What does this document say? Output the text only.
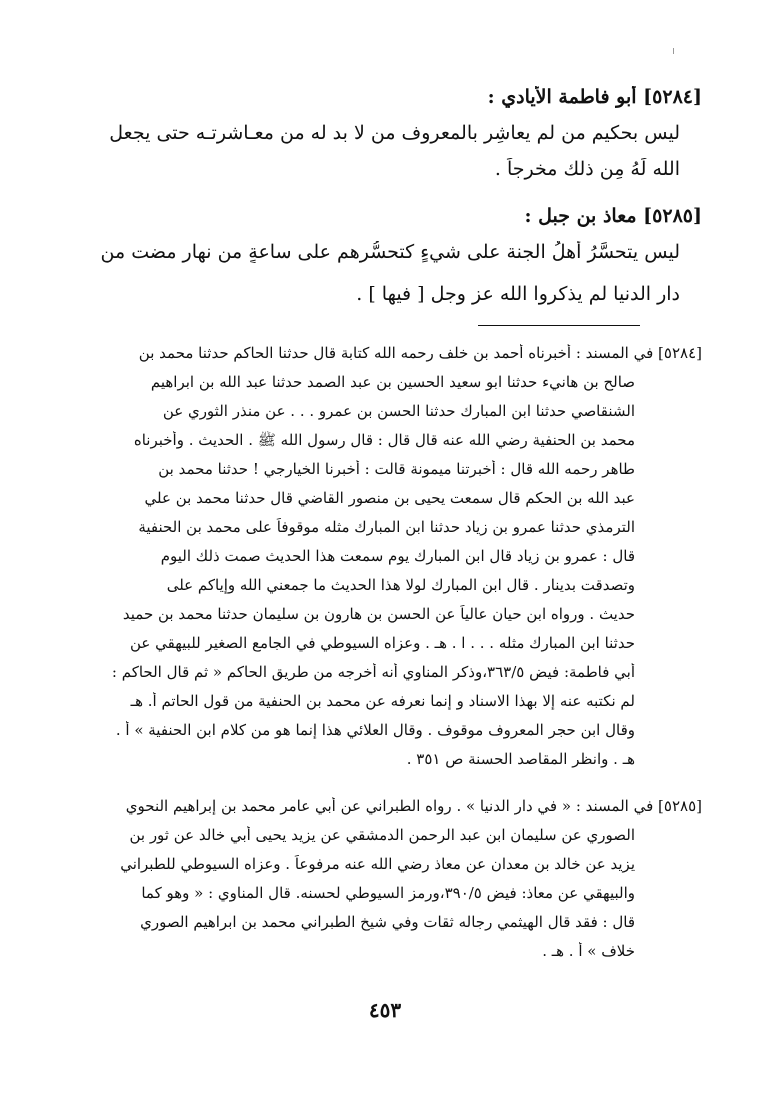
[٥٢٨٤] أبو فاطمة الأيادي :
ليس بحكيم من لم يعاشِر بالمعروف من لا بد له من معـاشرتـه حتى يجعل
الله لَهُ مِن ذلك مخرجاً .
[٥٢٨٥] معاذ بن جبل :
ليس يتحسَّرُ أهلُ الجنة على شيءٍ كتحسُّرهم على ساعةٍ من نهار مضت من
دار الدنيا لم يذكروا الله عز وجل [ فيها ] .
[٥٢٨٤] في المسند : أخبرناه أحمد بن خلف رحمه الله كتابة قال حدثنا الحاكم حدثنا محمد بن
صالح بن هانيء حدثنا ابو سعيد الحسين بن عبد الصمد حدثنا عبد الله بن ابراهيم
الشنقاصي حدثنا ابن المبارك حدثنا الحسن بن عمرو . . . عن منذر الثوري عن
محمد بن الحنفية رضي الله عنه قال قال : قال رسول الله ﷺ . الحديث . وأخبرناه
طاهر رحمه الله قال : أخبرتنا ميمونة قالت : أخبرنا الخيارجي ! حدثنا محمد بن
عبد الله بن الحكم قال سمعت يحيى بن منصور القاضي قال حدثنا محمد بن علي
الترمذي حدثنا عمرو بن زياد حدثنا ابن المبارك مثله موقوفاً على محمد بن الحنفية
قال : عمرو بن زياد قال ابن المبارك يوم سمعت هذا الحديث صمت ذلك اليوم
وتصدقت بدينار . قال ابن المبارك لولا هذا الحديث ما جمعني الله وإياكم على
حديث . ورواه ابن حيان عالياً عن الحسن بن هارون بن سليمان حدثنا محمد بن حميد
حدثنا ابن المبارك مثله . . . ا . هـ . وعزاه السيوطي في الجامع الصغير للبيهقي عن
أبي فاطمة: فيض ٣٦٣/٥،وذكر المناوي أنه أخرجه من طريق الحاكم « ثم قال الحاكم :
لم نكتبه عنه إلا بهذا الاسناد و إنما نعرفه عن محمد بن الحنفية من قول الحاتم أ. هـ
وقال ابن حجر المعروف موقوف . وقال العلائي هذا إنما هو من كلام ابن الحنفية » أ .
هـ . وانظر المقاصد الحسنة ص ٣٥١ .
[٥٢٨٥] في المسند : « في دار الدنيا » . رواه الطبراني عن أبي عامر محمد بن إبراهيم النحوي
الصوري عن سليمان ابن عبد الرحمن الدمشقي عن يزيد يحيى أبي خالد عن ثور بن
يزيد عن خالد بن معدان عن معاذ رضي الله عنه مرفوعاً . وعزاه السيوطي للطبراني
والبيهقي عن معاذ: فيض ٣٩٠/٥،ورمز السيوطي لحسنه. قال المناوي : « وهو كما
قال : فقد قال الهيثمي رجاله ثقات وفي شيخ الطبراني محمد بن ابراهيم الصوري
خلاف » أ . هـ .
٤٥٣
